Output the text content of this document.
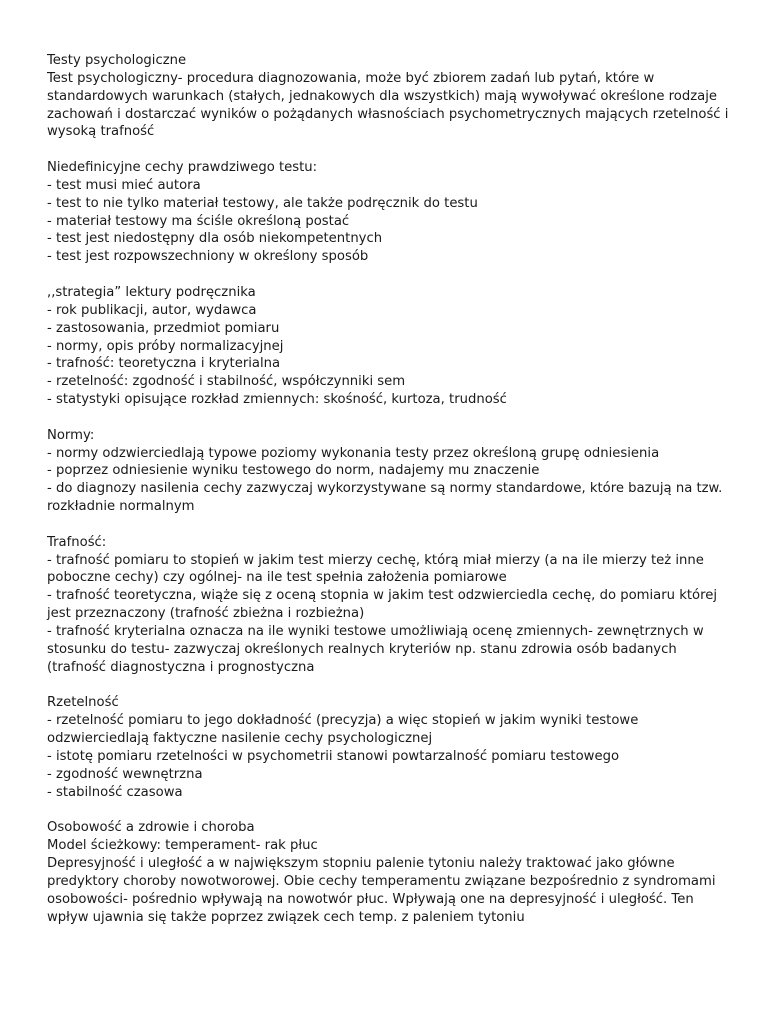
Testy psychologiczne

Test psychologiczny- procedura diagnozowania, może być zbiorem zadań lub pytań, które w standardowych warunkach (stałych, jednakowych dla wszystkich) mają wywoływać określone rodzaje zachowań i dostarczać wyników o pożądanych własnościach psychometrycznych mających rzetelność i wysoką trafność

Niedefinicyjne cechy prawdziwego testu:

- test musi mieć autora

- test to nie tylko materiał testowy, ale także podręcznik do testu

- materiał testowy ma ściśle określoną postać

- test jest niedostępny dla osób niekompetentnych

- test jest rozpowszechniony w określony sposób

,,strategia” lektury podręcznika

- rok publikacji, autor, wydawca

- zastosowania, przedmiot pomiaru

- normy, opis próby normalizacyjnej

- trafność: teoretyczna i kryterialna

- rzetelność: zgodność i stabilność, współczynniki sem

- statystyki opisujące rozkład zmiennych: skośność, kurtoza, trudność

Normy:

- normy odzwierciedlają typowe poziomy wykonania testy przez określoną grupę odniesienia

- poprzez odniesienie wyniku testowego do norm, nadajemy mu znaczenie

- do diagnozy nasilenia cechy zazwyczaj wykorzystywane są normy standardowe, które bazują na tzw. rozkładnie normalnym

Trafność:

- trafność pomiaru to stopień w jakim test mierzy cechę, którą miał mierzy (a na ile mierzy też inne poboczne cechy) czy ogólnej- na ile test spełnia założenia pomiarowe

- trafność teoretyczna, wiąże się z oceną stopnia w jakim test odzwierciedla cechę, do pomiaru której jest przeznaczony (trafność zbieżna i rozbieżna)

- trafność kryterialna oznacza na ile wyniki testowe umożliwiają ocenę zmiennych- zewnętrznych w stosunku do testu- zazwyczaj określonych realnych kryteriów np. stanu zdrowia osób badanych (trafność diagnostyczna i prognostyczna

Rzetelność

- rzetelność pomiaru to jego dokładność (precyzja) a więc stopień w jakim wyniki testowe odzwierciedlają faktyczne nasilenie cechy psychologicznej

- istotę pomiaru rzetelności w psychometrii stanowi powtarzalność pomiaru testowego

- zgodność wewnętrzna

- stabilność czasowa

Osobowość a zdrowie i choroba

Model ścieżkowy: temperament- rak płuc

Depresyjność i uległość a w największym stopniu palenie tytoniu należy traktować jako główne predyktory choroby nowotworowej. Obie cechy temperamentu związane bezpośrednio z syndromami osobowości- pośrednio wpływają na nowotwór płuc. Wpływają one na depresyjność i uległość. Ten wpływ ujawnia się także poprzez związek cech temp. z paleniem tytoniu
